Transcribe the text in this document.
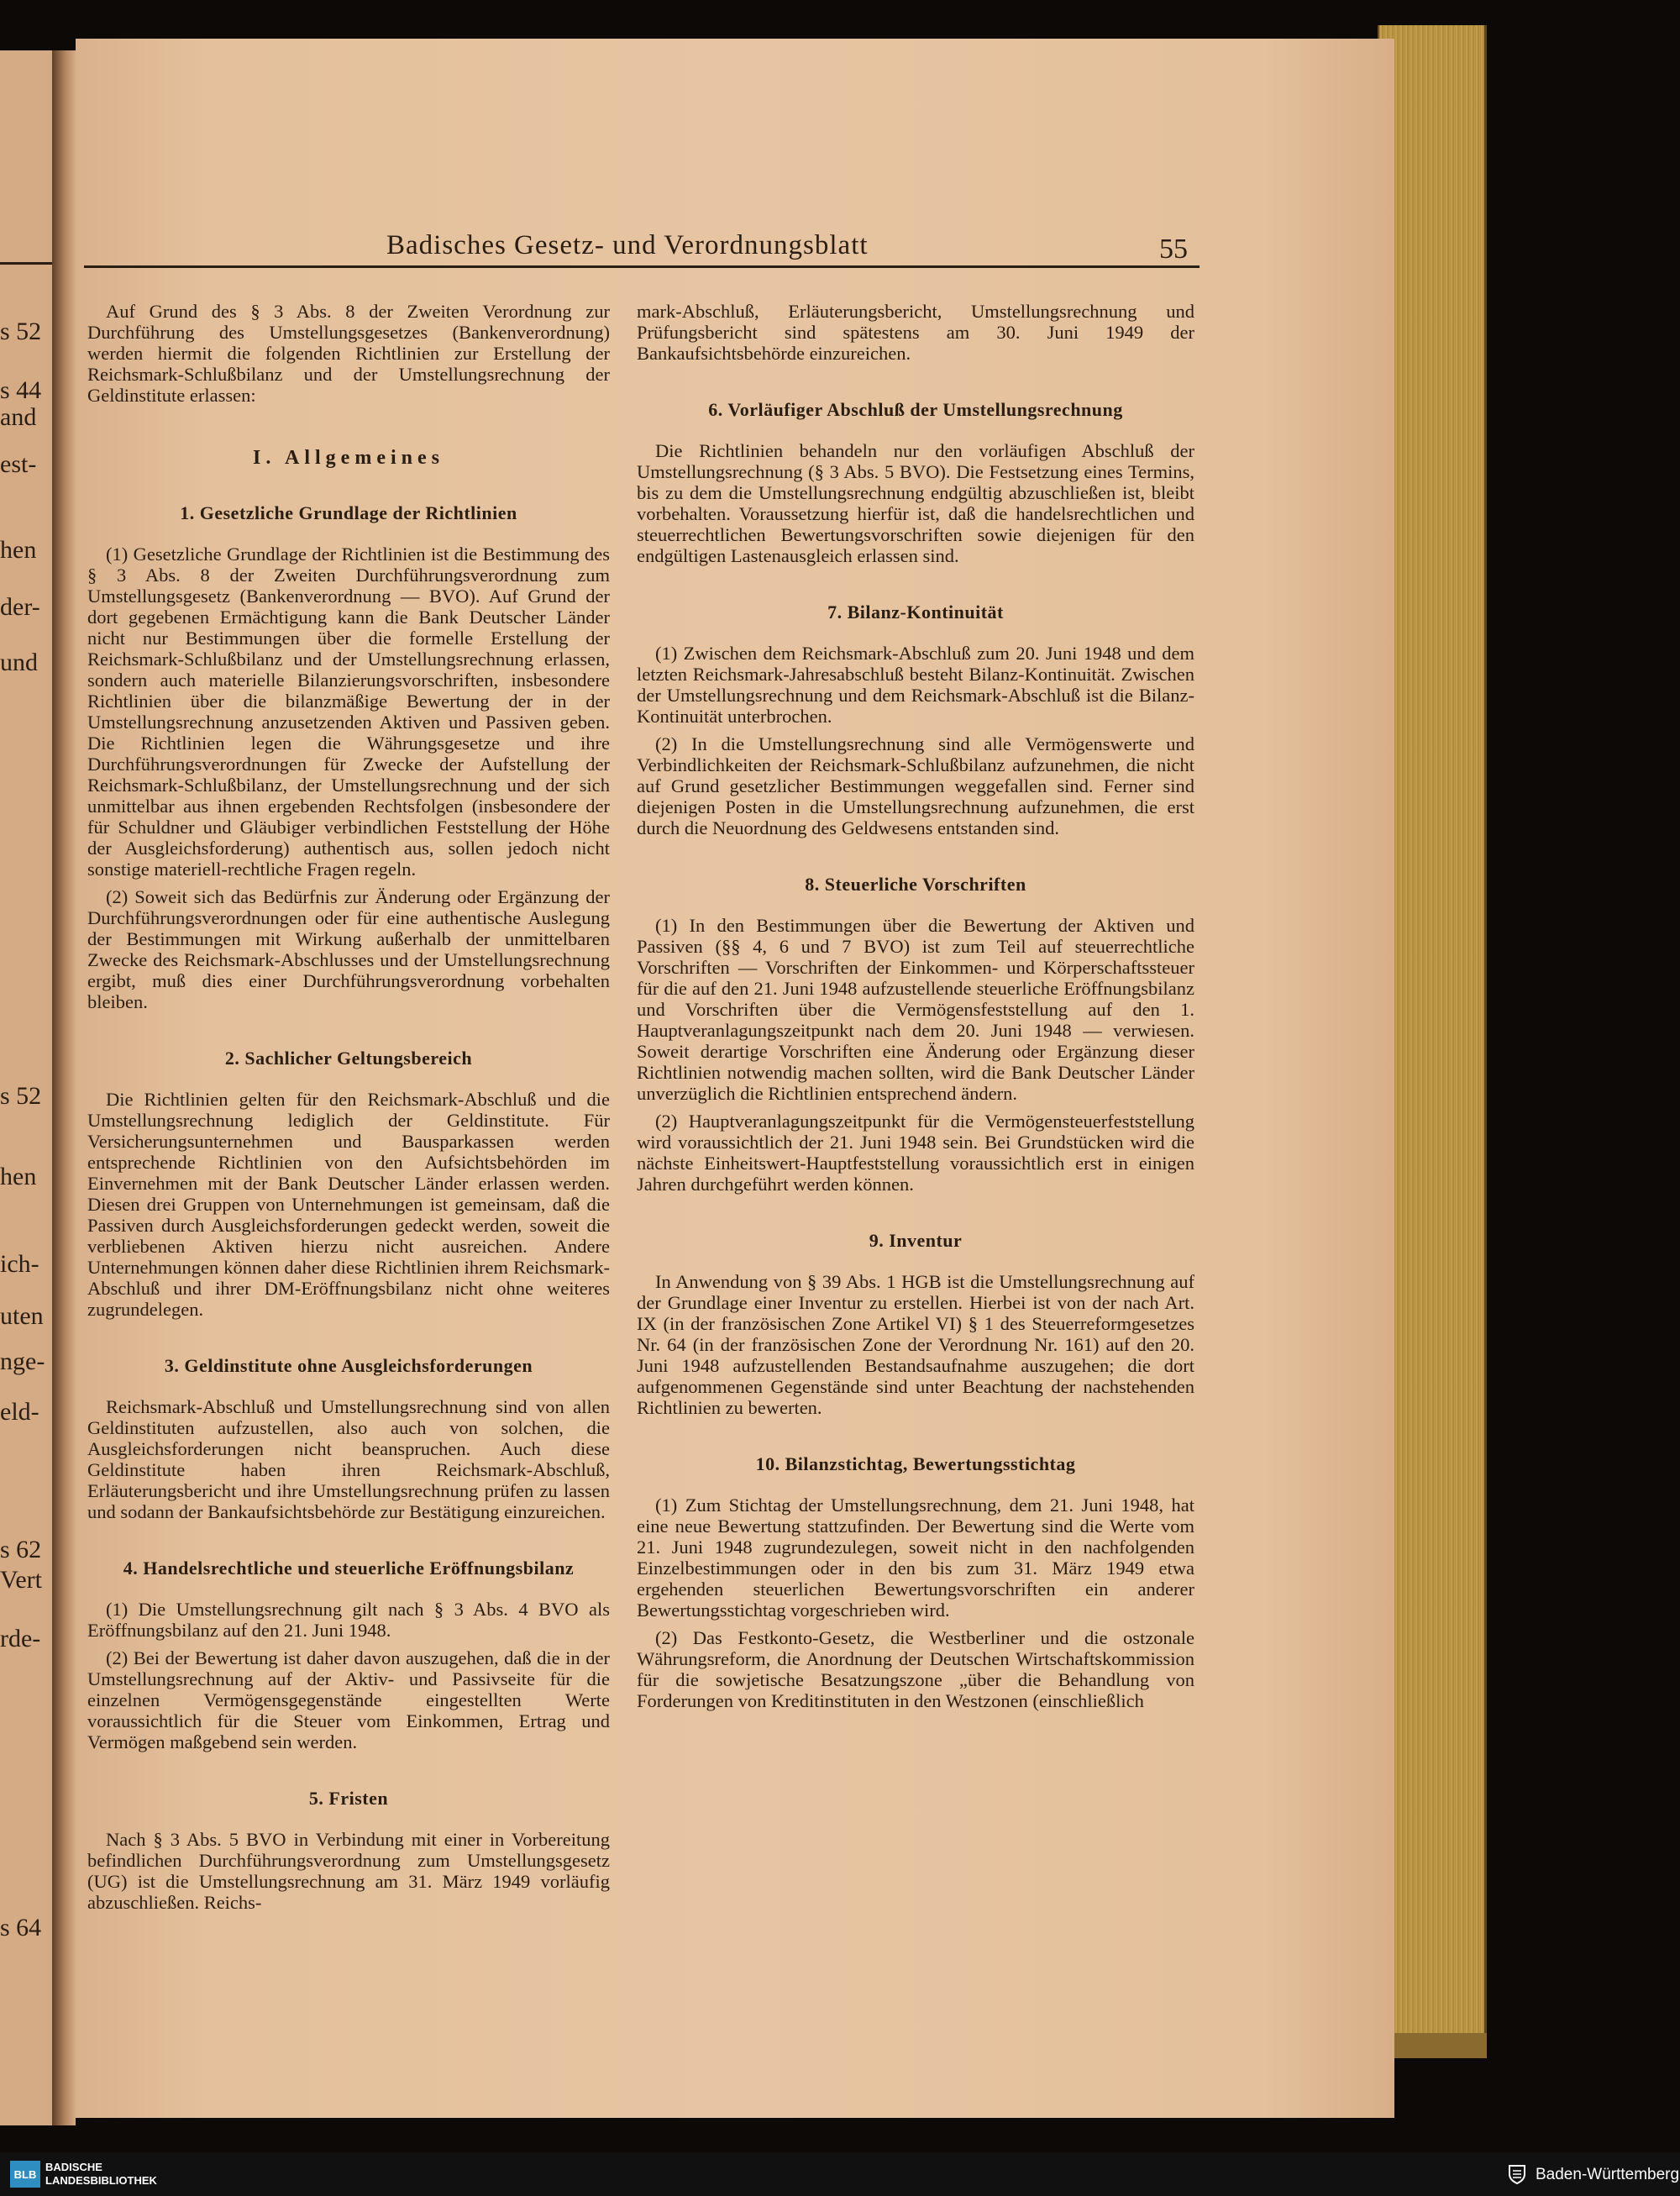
s 52
s 44
and
est-
hen
der-
und
s 52
hen
ich-
uten
nge-
eld-
s 62
Vert
rde-
s 64
Badisches Gesetz- und Verordnungsblatt	55

Auf Grund des § 3 Abs. 8 der Zweiten Verordnung zur Durchführung des Umstellungsgesetzes (Bankenverordnung) werden hiermit die folgenden Richtlinien zur Erstellung der Reichsmark-Schlußbilanz und der Umstellungsrechnung der Geldinstitute erlassen:

I. Allgemeines
1. Gesetzliche Grundlage der Richtlinien

(1) Gesetzliche Grundlage der Richtlinien ist die Bestimmung des § 3 Abs. 8 der Zweiten Durchführungsverordnung zum Umstellungsgesetz (Bankenverordnung — BVO). Auf Grund der dort gegebenen Ermächtigung kann die Bank Deutscher Länder nicht nur Bestimmungen über die formelle Erstellung der Reichsmark-Schlußbilanz und der Umstellungsrechnung erlassen, sondern auch materielle Bilanzierungsvorschriften, insbesondere Richtlinien über die bilanzmäßige Bewertung der in der Umstellungsrechnung anzusetzenden Aktiven und Passiven geben. Die Richtlinien legen die Währungsgesetze und ihre Durchführungsverordnungen für Zwecke der Aufstellung der Reichsmark-Schlußbilanz, der Umstellungsrechnung und der sich unmittelbar aus ihnen ergebenden Rechtsfolgen (insbesondere der für Schuldner und Gläubiger verbindlichen Feststellung der Höhe der Ausgleichsforderung) authentisch aus, sollen jedoch nicht sonstige materiell-rechtliche Fragen regeln.

(2) Soweit sich das Bedürfnis zur Änderung oder Ergänzung der Durchführungsverordnungen oder für eine authentische Auslegung der Bestimmungen mit Wirkung außerhalb der unmittelbaren Zwecke des Reichsmark-Abschlusses und der Umstellungsrechnung ergibt, muß dies einer Durchführungsverordnung vorbehalten bleiben.

2. Sachlicher Geltungsbereich

Die Richtlinien gelten für den Reichsmark-Abschluß und die Umstellungsrechnung lediglich der Geldinstitute. Für Versicherungsunternehmen und Bausparkassen werden entsprechende Richtlinien von den Aufsichtsbehörden im Einvernehmen mit der Bank Deutscher Länder erlassen werden. Diesen drei Gruppen von Unternehmungen ist gemeinsam, daß die Passiven durch Ausgleichsforderungen gedeckt werden, soweit die verbliebenen Aktiven hierzu nicht ausreichen. Andere Unternehmungen können daher diese Richtlinien ihrem Reichsmark-Abschluß und ihrer DM-Eröffnungsbilanz nicht ohne weiteres zugrundelegen.

3. Geldinstitute ohne Ausgleichsforderungen

Reichsmark-Abschluß und Umstellungsrechnung sind von allen Geldinstituten aufzustellen, also auch von solchen, die Ausgleichsforderungen nicht beanspruchen. Auch diese Geldinstitute haben ihren Reichsmark-Abschluß, Erläuterungsbericht und ihre Umstellungsrechnung prüfen zu lassen und sodann der Bankaufsichtsbehörde zur Bestätigung einzureichen.

4. Handelsrechtliche und steuerliche Eröffnungsbilanz

(1) Die Umstellungsrechnung gilt nach § 3 Abs. 4 BVO als Eröffnungsbilanz auf den 21. Juni 1948.

(2) Bei der Bewertung ist daher davon auszugehen, daß die in der Umstellungsrechnung auf der Aktiv- und Passivseite für die einzelnen Vermögensgegenstände eingestellten Werte voraussichtlich für die Steuer vom Einkommen, Ertrag und Vermögen maßgebend sein werden.

5. Fristen

Nach § 3 Abs. 5 BVO in Verbindung mit einer in Vorbereitung befindlichen Durchführungsverordnung zum Umstellungsgesetz (UG) ist die Umstellungsrechnung am 31. März 1949 vorläufig abzuschließen. Reichs-

mark-Abschluß, Erläuterungsbericht, Umstellungsrechnung und Prüfungsbericht sind spätestens am 30. Juni 1949 der Bankaufsichtsbehörde einzureichen.

6. Vorläufiger Abschluß der Umstellungsrechnung

Die Richtlinien behandeln nur den vorläufigen Abschluß der Umstellungsrechnung (§ 3 Abs. 5 BVO). Die Festsetzung eines Termins, bis zu dem die Umstellungsrechnung endgültig abzuschließen ist, bleibt vorbehalten. Voraussetzung hierfür ist, daß die handelsrechtlichen und steuerrechtlichen Bewertungsvorschriften sowie diejenigen für den endgültigen Lastenausgleich erlassen sind.

7. Bilanz-Kontinuität

(1) Zwischen dem Reichsmark-Abschluß zum 20. Juni 1948 und dem letzten Reichsmark-Jahresabschluß besteht Bilanz-Kontinuität. Zwischen der Umstellungsrechnung und dem Reichsmark-Abschluß ist die Bilanz-Kontinuität unterbrochen.

(2) In die Umstellungsrechnung sind alle Vermögenswerte und Verbindlichkeiten der Reichsmark-Schlußbilanz aufzunehmen, die nicht auf Grund gesetzlicher Bestimmungen weggefallen sind. Ferner sind diejenigen Posten in die Umstellungsrechnung aufzunehmen, die erst durch die Neuordnung des Geldwesens entstanden sind.

8. Steuerliche Vorschriften

(1) In den Bestimmungen über die Bewertung der Aktiven und Passiven (§§ 4, 6 und 7 BVO) ist zum Teil auf steuerrechtliche Vorschriften — Vorschriften der Einkommen- und Körperschaftssteuer für die auf den 21. Juni 1948 aufzustellende steuerliche Eröffnungsbilanz und Vorschriften über die Vermögensfeststellung auf den 1. Hauptveranlagungszeitpunkt nach dem 20. Juni 1948 — verwiesen. Soweit derartige Vorschriften eine Änderung oder Ergänzung dieser Richtlinien notwendig machen sollten, wird die Bank Deutscher Länder unverzüglich die Richtlinien entsprechend ändern.

(2) Hauptveranlagungszeitpunkt für die Vermögensteuerfeststellung wird voraussichtlich der 21. Juni 1948 sein. Bei Grundstücken wird die nächste Einheitswert-Hauptfeststellung voraussichtlich erst in einigen Jahren durchgeführt werden können.

9. Inventur

In Anwendung von § 39 Abs. 1 HGB ist die Umstellungsrechnung auf der Grundlage einer Inventur zu erstellen. Hierbei ist von der nach Art. IX (in der französischen Zone Artikel VI) § 1 des Steuerreformgesetzes Nr. 64 (in der französischen Zone der Verordnung Nr. 161) auf den 20. Juni 1948 aufzustellenden Bestandsaufnahme auszugehen; die dort aufgenommenen Gegenstände sind unter Beachtung der nachstehenden Richtlinien zu bewerten.

10. Bilanzstichtag, Bewertungsstichtag

(1) Zum Stichtag der Umstellungsrechnung, dem 21. Juni 1948, hat eine neue Bewertung stattzufinden. Der Bewertung sind die Werte vom 21. Juni 1948 zugrundezulegen, soweit nicht in den nachfolgenden Einzelbestimmungen oder in den bis zum 31. März 1949 etwa ergehenden steuerlichen Bewertungsvorschriften ein anderer Bewertungsstichtag vorgeschrieben wird.

(2) Das Festkonto-Gesetz, die Westberliner und die ostzonale Währungsreform, die Anordnung der Deutschen Wirtschaftskommission für die sowjetische Besatzungszone „über die Behandlung von Forderungen von Kreditinstituten in den Westzonen (einschließlich

BLB
BADISCHE
LANDESBIBLIOTHEK	Baden-Württemberg
